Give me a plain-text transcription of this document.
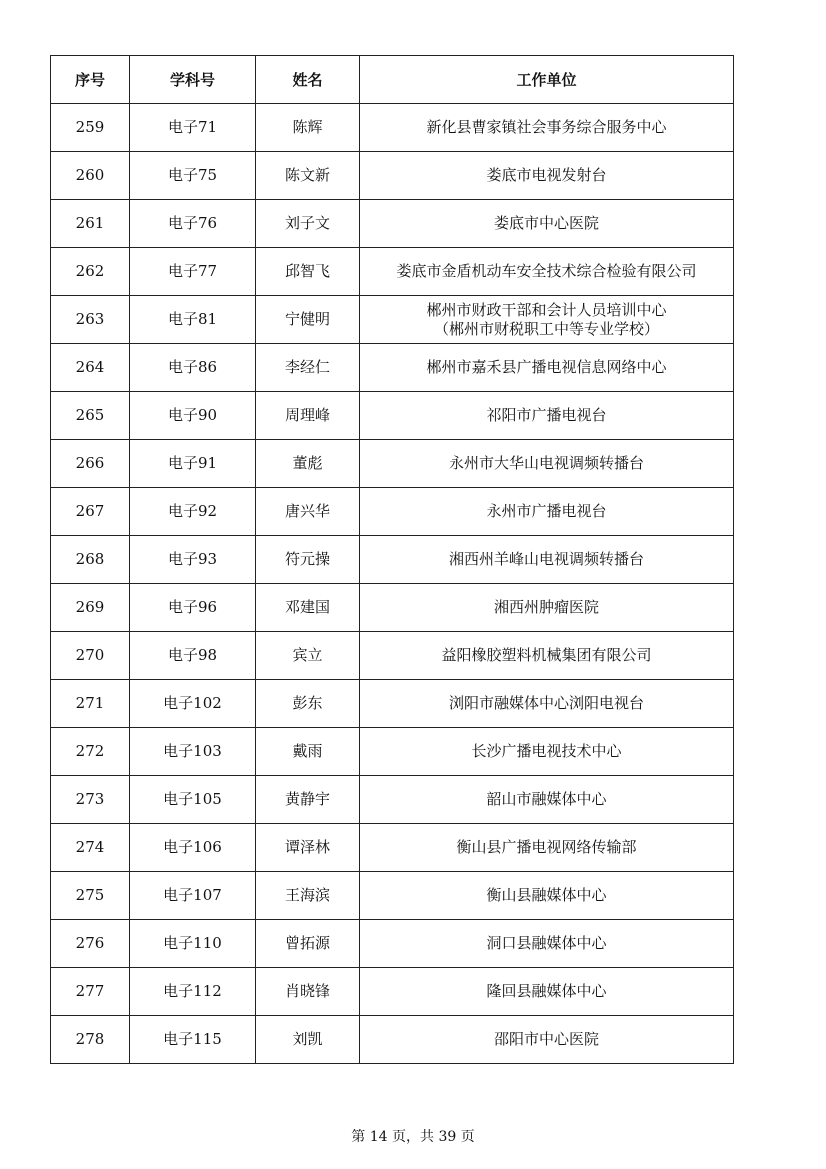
序号	学科号	姓名	工作单位
259	电子71	陈辉	新化县曹家镇社会事务综合服务中心

260	电子75	陈文新	娄底市电视发射台

261	电子76	刘子文	娄底市中心医院

262	电子77	邱智飞	娄底市金盾机动车安全技术综合检验有限公司

263	电子81	宁健明	郴州市财政干部和会计人员培训中心
（郴州市财税职工中等专业学校）

264	电子86	李经仁	郴州市嘉禾县广播电视信息网络中心

265	电子90	周理峰	祁阳市广播电视台

266	电子91	董彪	永州市大华山电视调频转播台

267	电子92	唐兴华	永州市广播电视台

268	电子93	符元操	湘西州羊峰山电视调频转播台

269	电子96	邓建国	湘西州肿瘤医院

270	电子98	宾立	益阳橡胶塑料机械集团有限公司

271	电子102	彭东	浏阳市融媒体中心浏阳电视台

272	电子103	戴雨	长沙广播电视技术中心

273	电子105	黄静宇	韶山市融媒体中心

274	电子106	谭泽林	衡山县广播电视网络传输部

275	电子107	王海滨	衡山县融媒体中心

276	电子110	曾拓源	洞口县融媒体中心

277	电子112	肖晓锋	隆回县融媒体中心

278	电子115	刘凯	邵阳市中心医院
第 14 页，共 39 页
